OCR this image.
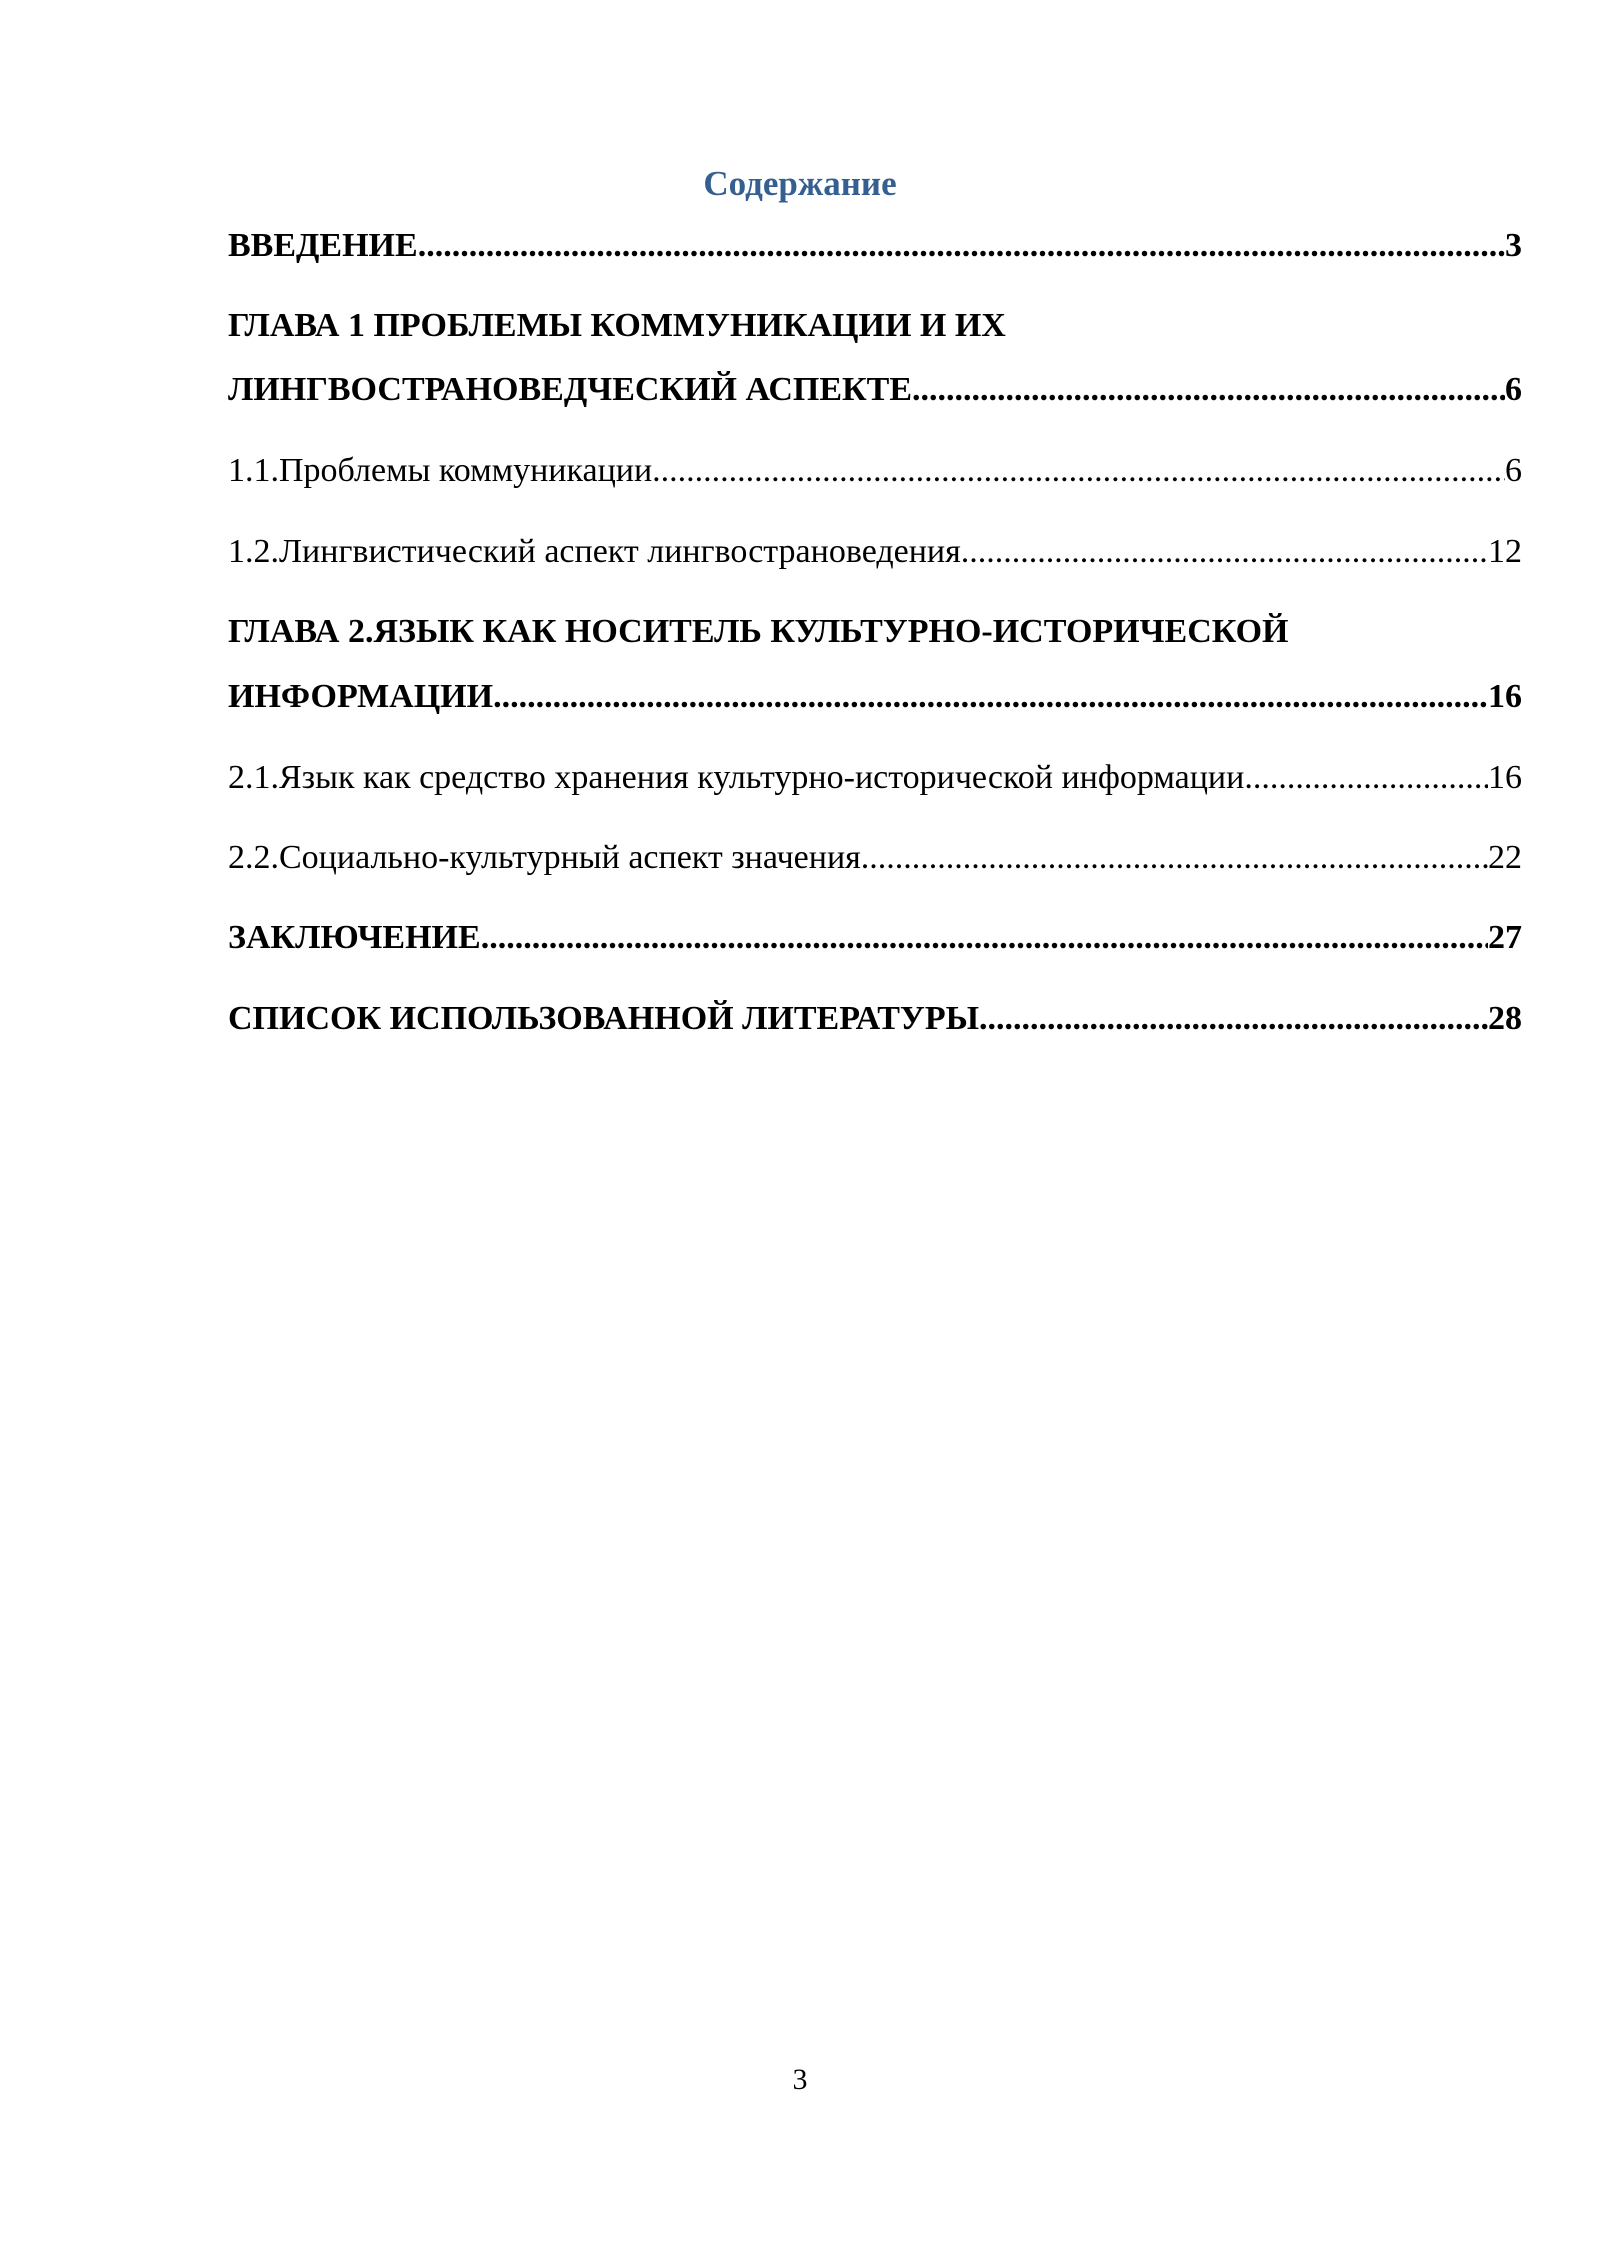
Содержание
ВВЕДЕНИЕ .....	3
ГЛАВА 1 ПРОБЛЕМЫ КОММУНИКАЦИИ И ИХ
ЛИНГВОСТРАНОВЕДЧЕСКИЙ АСПЕКТЕ .....	6
1.1.Проблемы коммуникации .....	6
1.2.Лингвистический аспект лингвострановедения .....	12
ГЛАВА 2.ЯЗЫК КАК НОСИТЕЛЬ КУЛЬТУРНО-ИСТОРИЧЕСКОЙ
ИНФОРМАЦИИ .....	16
2.1.Язык как средство хранения культурно-исторической информации .....	16
2.2.Социально-культурный аспект значения .....	22
ЗАКЛЮЧЕНИЕ .....	27
СПИСОК ИСПОЛЬЗОВАННОЙ ЛИТЕРАТУРЫ .....	28
3
